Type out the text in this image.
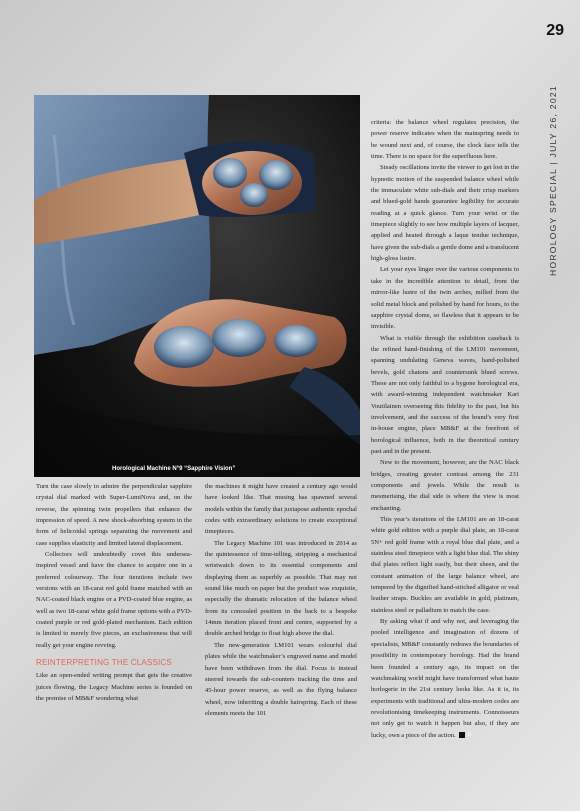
29
HOROLOGY SPECIAL | JULY 26, 2021
Horological Machine N°9 “Sapphire Vision”

Turn the case slowly to admire the perpendicular sapphire crystal dial marked with Super-LumiNova and, on the reverse, the spinning twin propellers that enhance the impression of speed. A new shock-absorbing system in the form of helicoidal springs separating the movement and case supplies elasticity and limited lateral displacement.

Collectors will undoubtedly covet this undersea-inspired vessel and have the chance to acquire one in a preferred colourway. The four iterations include two versions with an 18-carat red gold frame matched with an NAC-coated black engine or a PVD-coated blue engine, as well as two 18-carat white gold frame options with a PVD-coated purple or red gold-plated mechanism. Each edition is limited to merely five pieces, an exclusiveness that will really get your engine revving.

REINTERPRETING THE CLASSICS

Like an open-ended writing prompt that gets the creative juices flowing, the Legacy Machine series is founded on the premise of MB&F wondering what

the machines it might have created a century ago would have looked like. That musing has spawned several models within the family that juxtapose authentic epochal codes with extraordinary solutions to create exceptional timepieces.

The Legacy Machine 101 was introduced in 2014 as the quintessence of time-telling, stripping a mechanical wristwatch down to its essential components and displaying them as superbly as possible. That may not sound like much on paper but the product was exquisite, especially the dramatic relocation of the balance wheel from its concealed position in the back to a bespoke 14mm iteration placed front and centre, supported by a double arched bridge to float high above the dial.

The new-generation LM101 wears colourful dial plates while the watchmaker’s engraved name and model have been withdrawn from the dial. Focus is instead steered towards the sub-counters tracking the time and 45-hour power reserve, as well as the flying balance wheel, now inheriting a double hairspring. Each of these elements meets the 101

criteria: the balance wheel regulates precision, the power reserve indicates when the mainspring needs to be wound next and, of course, the clock face tells the time. There is no space for the superfluous here.

Steady oscillations invite the viewer to get lost in the hypnotic motion of the suspended balance wheel while the immaculate white sub-dials and their crisp markers and blued-gold hands guarantee legibility for accurate reading at a quick glance. Turn your wrist or the timepiece slightly to see how multiple layers of lacquer, applied and heated through a laque tendue technique, have given the sub-dials a gentle dome and a translucent high-gloss lustre.

Let your eyes linger over the various components to take in the incredible attention to detail, from the mirror-like lustre of the twin arches, milled from the solid metal block and polished by hand for hours, to the sapphire crystal dome, so flawless that it appears to be invisible.

What is visible through the exhibition caseback is the refined hand-finishing of the LM101 movement, spanning undulating Geneva waves, hand-polished bevels, gold chatons and countersunk blued screws. These are not only faithful to a bygone horological era, with award-winning independent watchmaker Kari Voutilainen overseeing this fidelity to the past, but his involvement, and the success of the brand’s very first in-house engine, place MB&F at the forefront of horological influence, both in the theoretical century past and in the present.

New to the movement, however, are the NAC black bridges, creating greater contrast among the 231 components and jewels. While the result is mesmerising, the dial side is where the view is most enchanting.

This year’s iterations of the LM101 are an 18-carat white gold edition with a purple dial plate, an 18-carat 5N+ red gold frame with a royal blue dial plate, and a stainless steel timepiece with a light blue dial. The shiny dial plates reflect light easily, but their sheen, and the constant animation of the large balance wheel, are tempered by the dignified hand-stitched alligator or veal leather straps. Buckles are available in gold, platinum, stainless steel or palladium to match the case.

By asking what if and why not, and leveraging the pooled intelligence and imagination of dozens of specialists, MB&F constantly redraws the boundaries of possibility in contemporary horology. Had the brand been founded a century ago, its impact on the watchmaking world might have transformed what haute horlogerie in the 21st century looks like. As it is, its experiments with traditional and ultra-modern codes are revolutionising timekeeping instruments. Connoisseurs not only get to watch it happen but also, if they are lucky, own a piece of the action. B
